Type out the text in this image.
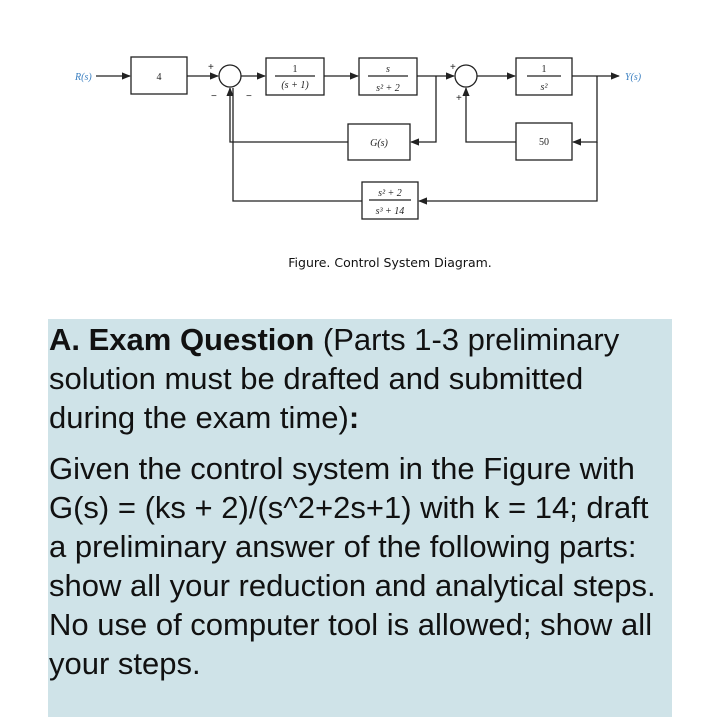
R(s)	Y(s)
4
+
−	−
1
(s + 1)
s
s² + 2
+
+
1
s²
G(s)	50
s² + 2
s³ + 14
Figure. Control System Diagram.

A. Exam Question (Parts 1-3 preliminary solution must be drafted and submitted during the exam time):

Given the control system in the Figure with G(s) = (ks + 2)/(s^2+2s+1) with k = 14; draft a preliminary answer of the following parts: show all your reduction and analytical steps. No use of computer tool is allowed; show all your steps.
